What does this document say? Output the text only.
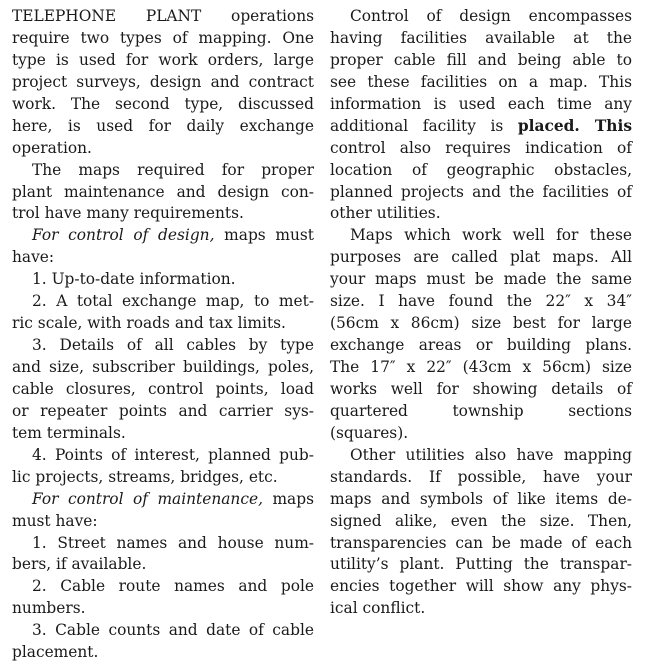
TELEPHONE PLANT operations
require two types of mapping. One
type is used for work orders, large
project surveys, design and contract
work. The second type, discussed
here, is used for daily exchange
operation.
The maps required for proper
plant maintenance and design con-
trol have many requirements.
For control of design, maps must
have:
1. Up-to-date information.
2. A total exchange map, to met-
ric scale, with roads and tax limits.
3. Details of all cables by type
and size, subscriber buildings, poles,
cable closures, control points, load
or repeater points and carrier sys-
tem terminals.
4. Points of interest, planned pub-
lic projects, streams, bridges, etc.
For control of maintenance, maps
must have:
1. Street names and house num-
bers, if available.
2. Cable route names and pole
numbers.
3. Cable counts and date of cable
placement.
Control of design encompasses
having facilities available at the
proper cable fill and being able to
see these facilities on a map. This
information is used each time any
additional facility is placed. This
control also requires indication of
location of geographic obstacles,
planned projects and the facilities of
other utilities.
Maps which work well for these
purposes are called plat maps. All
your maps must be made the same
size. I have found the 22″ x 34″
(56cm x 86cm) size best for large
exchange areas or building plans.
The 17″ x 22″ (43cm x 56cm) size
works well for showing details of
quartered township sections
(squares).
Other utilities also have mapping
standards. If possible, have your
maps and symbols of like items de-
signed alike, even the size. Then,
transparencies can be made of each
utility’s plant. Putting the transpar-
encies together will show any phys-
ical conflict.
